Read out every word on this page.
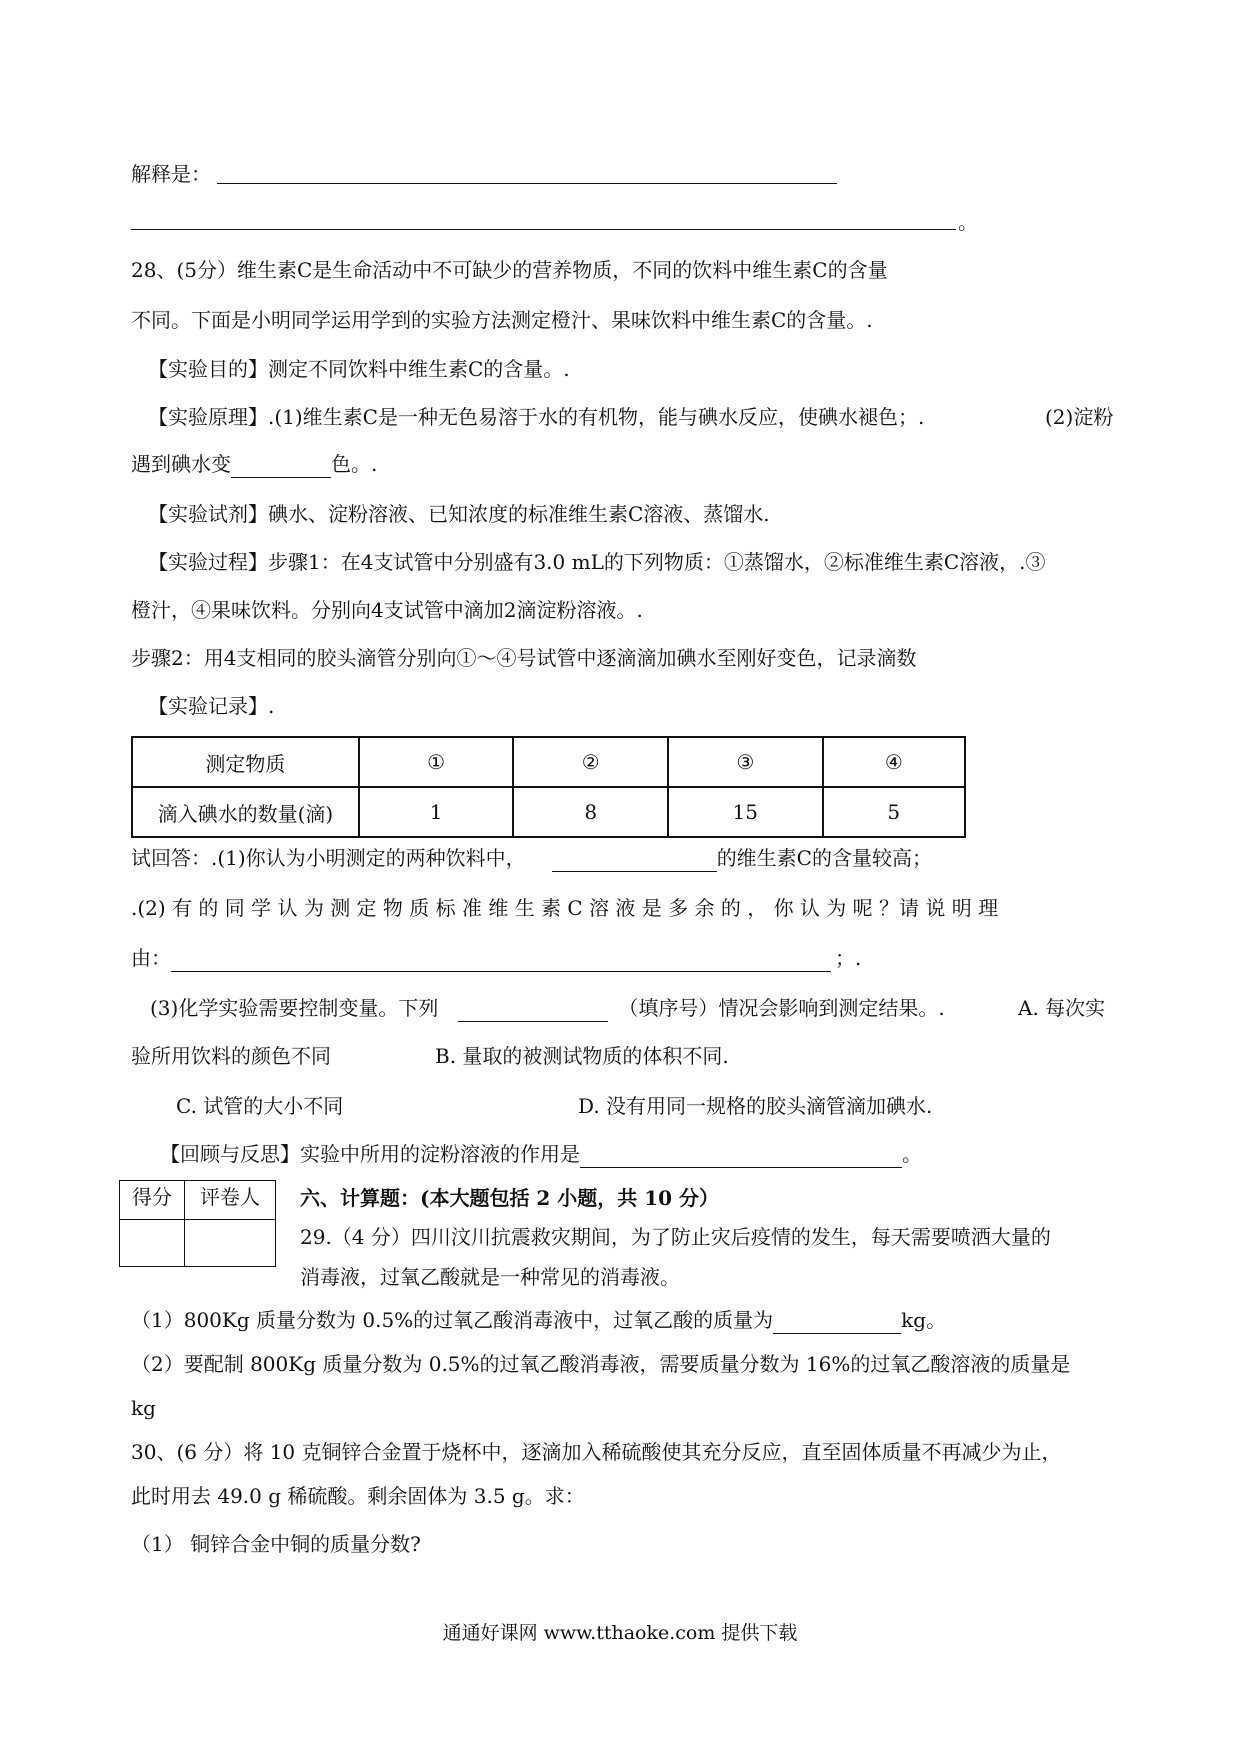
解释是：
。
28、(5分）维生素C是生命活动中不可缺少的营养物质，不同的饮料中维生素C的含量
不同。下面是小明同学运用学到的实验方法测定橙汁、果味饮料中维生素C的含量。.
【实验目的】测定不同饮料中维生素C的含量。.
【实验原理】.(1)维生素C是一种无色易溶于水的有机物，能与碘水反应，使碘水褪色；.	(2)淀粉
遇到碘水变	色。.
【实验试剂】碘水、淀粉溶液、已知浓度的标准维生素C溶液、蒸馏水.
【实验过程】步骤1：在4支试管中分别盛有3.0 mL的下列物质：①蒸馏水，②标准维生素C溶液，.③
橙汁，④果味饮料。分别向4支试管中滴加2滴淀粉溶液。.
步骤2：用4支相同的胶头滴管分别向①～④号试管中逐滴滴加碘水至刚好变色，记录滴数
【实验记录】.
测定物质	①	②	③	④
滴入碘水的数量(滴)	1	8	15	5
试回答：.(1)你认为小明测定的两种饮料中，	的维生素C的含量较高；
.(2) 有 的 同 学 认 为 测 定 物 质 标 准 维 生 素 C 溶 液 是 多 余 的 ， 你 认 为 呢 ？请 说 明 理
由：	；.
(3)化学实验需要控制变量。下列	（填序号）情况会影响到测定结果。.	A. 每次实
验所用饮料的颜色不同	B. 量取的被测试物质的体积不同.
C. 试管的大小不同	D. 没有用同一规格的胶头滴管滴加碘水.
【回顾与反思】实验中所用的淀粉溶液的作用是	。
得分	评卷人
	六、计算题：(本大题包括 2 小题，共 10 分）
29.（4 分）四川汶川抗震救灾期间，为了防止灾后疫情的发生，每天需要喷洒大量的
消毒液，过氧乙酸就是一种常见的消毒液。
（1）800Kg 质量分数为 0.5%的过氧乙酸消毒液中，过氧乙酸的质量为	kg。
（2）要配制 800Kg 质量分数为 0.5%的过氧乙酸消毒液，需要质量分数为 16%的过氧乙酸溶液的质量是
kg
30、(6 分）将 10 克铜锌合金置于烧杯中，逐滴加入稀硫酸使其充分反应，直至固体质量不再减少为止，
此时用去 49.0 g 稀硫酸。剩余固体为 3.5 g。求：
（1） 铜锌合金中铜的质量分数?
通通好课网 www.tthaoke.com 提供下载
